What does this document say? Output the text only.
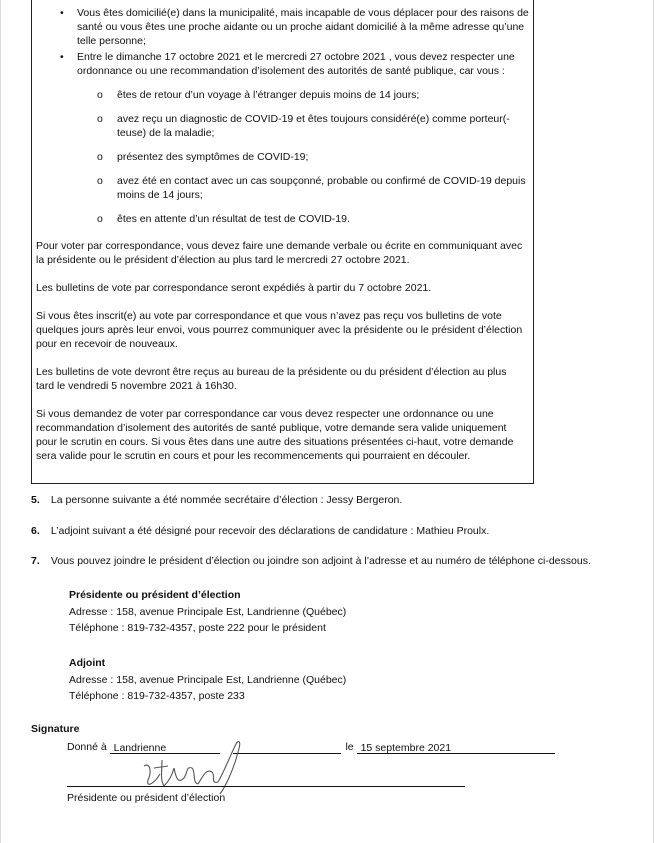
• Vous êtes domicilié(e) dans la municipalité, mais incapable de vous déplacer pour des raisons de santé ou vous êtes une proche aidante ou un proche aidant domicilié à la même adresse qu’une telle personne;
• Entre le dimanche 17 octobre 2021 et le mercredi 27 octobre 2021 , vous devez respecter une ordonnance ou une recommandation d’isolement des autorités de santé publique, car vous :
o êtes de retour d’un voyage à l’étranger depuis moins de 14 jours;
o avez reçu un diagnostic de COVID-19 et êtes toujours considéré(e) comme porteur(-teuse) de la maladie;
o présentez des symptômes de COVID-19;
o avez été en contact avec un cas soupçonné, probable ou confirmé de COVID-19 depuis moins de 14 jours;
o êtes en attente d’un résultat de test de COVID-19.

Pour voter par correspondance, vous devez faire une demande verbale ou écrite en communiquant avec la présidente ou le président d’élection au plus tard le mercredi 27 octobre 2021.

Les bulletins de vote par correspondance seront expédiés à partir du 7 octobre 2021.

Si vous êtes inscrit(e) au vote par correspondance et que vous n’avez pas reçu vos bulletins de vote quelques jours après leur envoi, vous pourrez communiquer avec la présidente ou le président d’élection pour en recevoir de nouveaux.

Les bulletins de vote devront être reçus au bureau de la présidente ou du président d’élection au plus tard le vendredi 5 novembre 2021 à 16h30.

Si vous demandez de voter par correspondance car vous devez respecter une ordonnance ou une recommandation d’isolement des autorités de santé publique, votre demande sera valide uniquement pour le scrutin en cours. Si vous êtes dans une autre des situations présentées ci-haut, votre demande sera valide pour le scrutin en cours et pour les recommencements qui pourraient en découler.

5. La personne suivante a été nommée secrétaire d’élection : Jessy Bergeron.
6. L’adjoint suivant a été désigné pour recevoir des déclarations de candidature : Mathieu Proulx.
7. Vous pouvez joindre le président d’élection ou joindre son adjoint à l’adresse et au numéro de téléphone ci-dessous.
Présidente ou président d’élection
Adresse : 158, avenue Principale Est, Landrienne (Québec)
Téléphone : 819-732-4357, poste 222 pour le président
Adjoint
Adresse : 158, avenue Principale Est, Landrienne (Québec)
Téléphone : 819-732-4357, poste 233
Signature
Donné à Landrienne	le 15 septembre 2021
Présidente ou président d’élection
